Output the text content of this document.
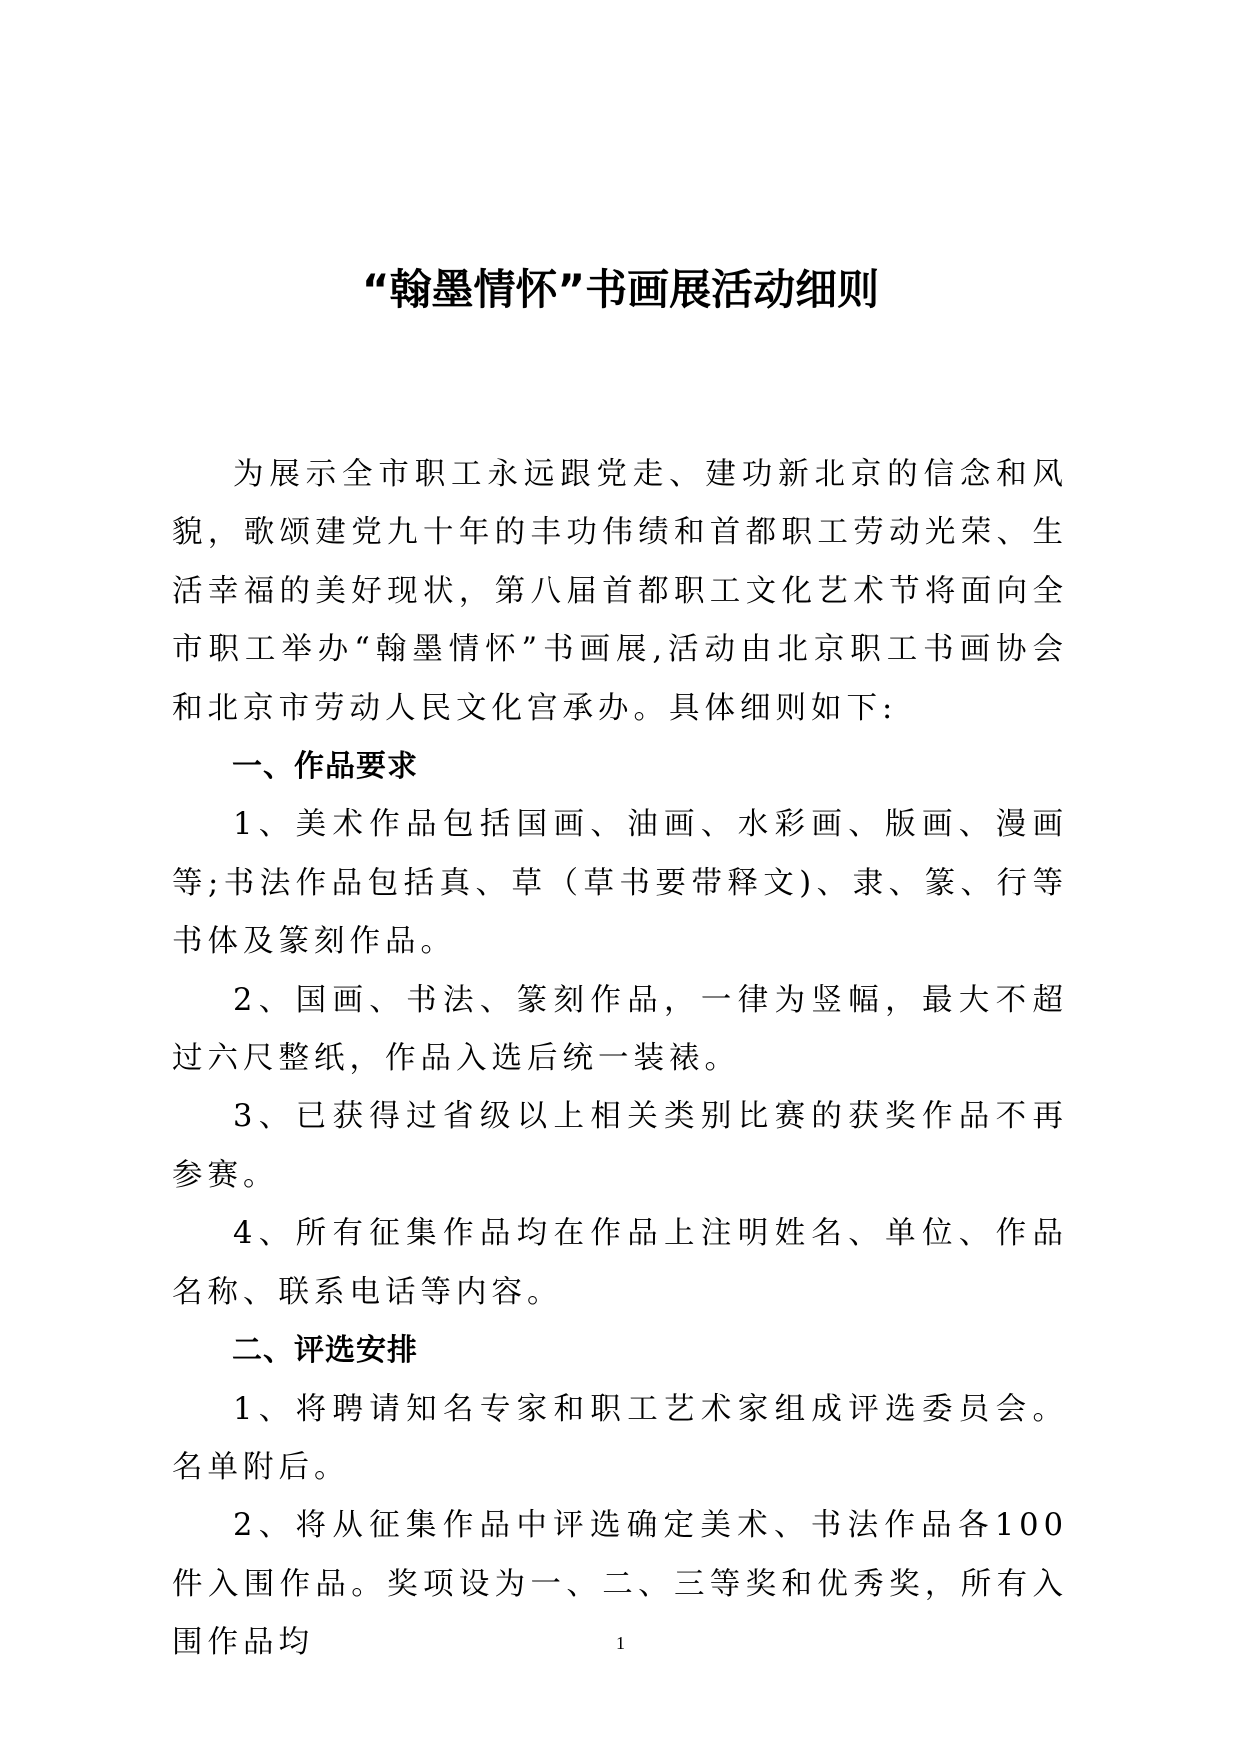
“翰墨情怀”书画展活动细则

为展示全市职工永远跟党走、建功新北京的信念和风貌，歌颂建党九十年的丰功伟绩和首都职工劳动光荣、生活幸福的美好现状，第八届首都职工文化艺术节将面向全市职工举办“翰墨情怀”书画展,活动由北京职工书画协会和北京市劳动人民文化宫承办。具体细则如下:

一、作品要求

1、美术作品包括国画、油画、水彩画、版画、漫画等;书法作品包括真、草（草书要带释文)、隶、篆、行等书体及篆刻作品。

2、国画、书法、篆刻作品，一律为竖幅，最大不超过六尺整纸，作品入选后统一装裱。

3、已获得过省级以上相关类别比赛的获奖作品不再参赛。

4、所有征集作品均在作品上注明姓名、单位、作品名称、联系电话等内容。

二、评选安排

1、将聘请知名专家和职工艺术家组成评选委员会。名单附后。

2、将从征集作品中评选确定美术、书法作品各100件入围作品。奖项设为一、二、三等奖和优秀奖，所有入围作品均	1
